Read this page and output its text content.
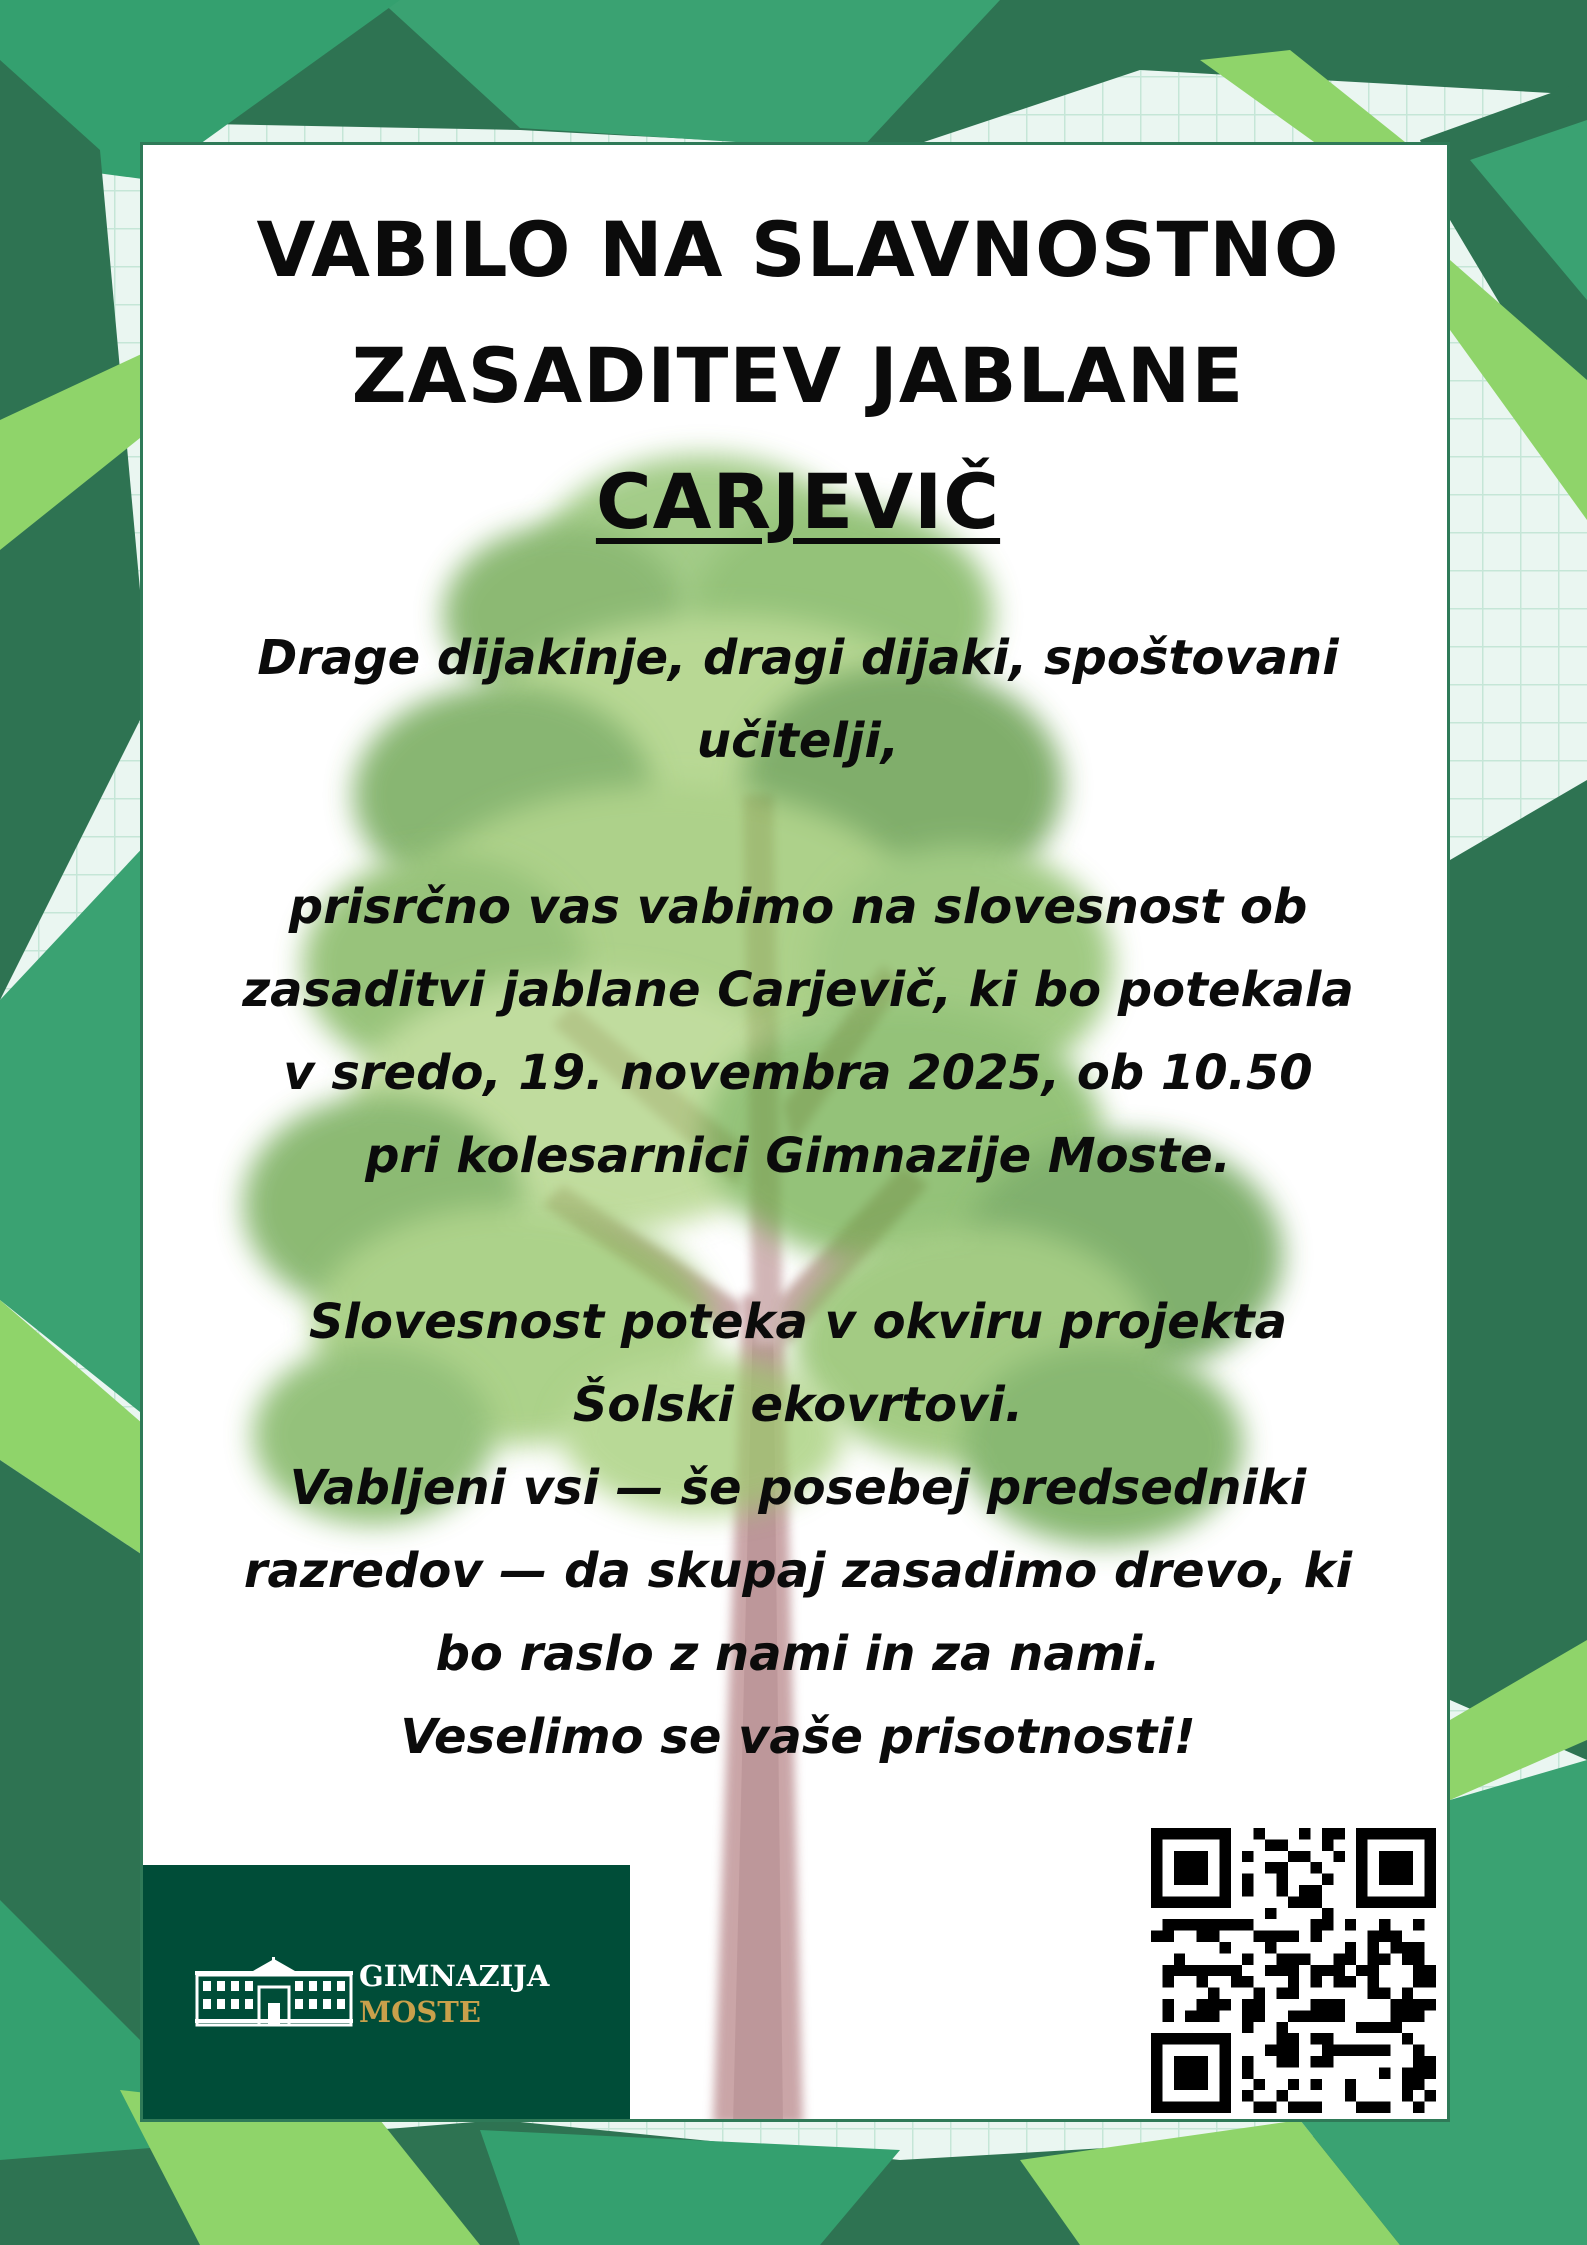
VABILO NA SLAVNOSTNO
ZASADITEV JABLANE
CARJEVIČ

Drage dijakinje, dragi dijaki, spoštovani

učitelji,

prisrčno vas vabimo na slovesnost ob

zasaditvi jablane Carjevič, ki bo potekala

v sredo, 19. novembra 2025, ob 10.50

pri kolesarnici Gimnazije Moste.

Slovesnost poteka v okviru projekta

Šolski ekovrtovi.

Vabljeni vsi — še posebej predsedniki

razredov — da skupaj zasadimo drevo, ki

bo raslo z nami in za nami.

Veselimo se vaše prisotnosti!

GIMNAZIJA
MOSTE
